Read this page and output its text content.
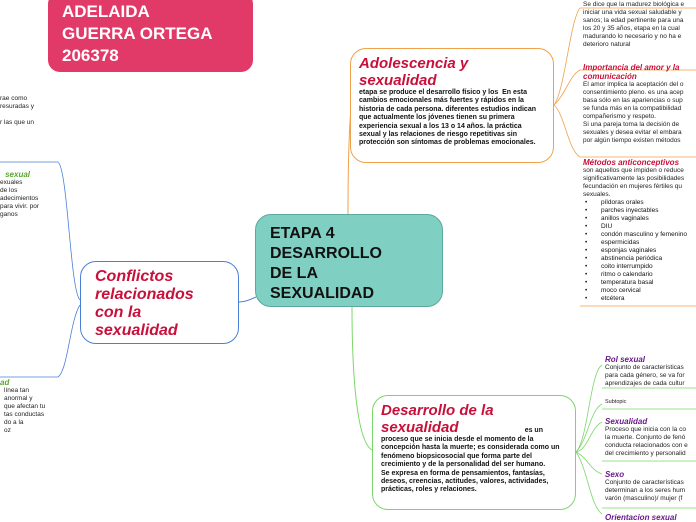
ADELAIDA
GUERRA ORTEGA
206378
ETAPA 4
DESARROLLO
DE LA
SEXUALIDAD
En esta
Adolescencia y sexualidad
etapa se produce el desarrollo físico y los cambios emocionales más fuertes y rápidos en la historia de cada persona. diferentes estudios indican que actualmente los jóvenes tienen su primera experiencia sexual a los 13 o 14 años. la práctica sexual y las relaciones de riesgo repetitivas sin protección son síntomas de problemas emocionales.
es un
Desarrollo de la sexualidad
proceso que se inicia desde el momento de la concepción hasta la muerte; es considerada como un fenómeno biopsicosocial que forma parte del crecimiento y de la personalidad del ser humano.
Se expresa en forma de pensamientos, fantasías, deseos, creencias, actitudes, valores, actividades, prácticas, roles y relaciones.
Conflictos relacionados con la sexualidad
Se dice que la madurez biológica e
iniciar una vida sexual saludable y
sanos; la edad pertinente para una
los 20 y 35 años, etapa en la cual
madurando lo necesario y no ha e
deterioro natural
Importancia del amor y la
comunicación
El amor implica la aceptación del o
consentimiento pleno. es una acep
basa sólo en las apariencias o sup
se funda más en la compatibilidad
compañerismo y respeto.
Si una pareja toma la decisión de
sexuales y desea evitar el embara
por algún tiempo existen métodos
Métodos anticonceptivos
son aquellos que impiden o reduce
significativamente las posibilidades
fecundación en mujeres fértiles qu
sexuales.
• píldoras orales
• parches inyectables
• anillos vaginales
• DIU
• condón masculino y femenino
• espermicidas
• esponjas vaginales
• abstinencia periódica
• coito interrumpido
• ritmo o calendario
• temperatura basal
• moco cervical
• etcétera
Rol sexual
Conjunto de características
para cada género, se va for
aprendizajes de cada cultur
Subtopic
Sexualidad
Proceso que inicia con la co
la muerte. Conjunto de fenó
conducta relacionados con e
del crecimiento y personalid
Sexo
Conjunto de características
determinan a los seres hum
varón (masculino)/ mujer (f
Orientacion sexual
rae como
resuradas y

r las que un
sexual
exuales
de los
adecimientos
para vivir. por
ganos
ad
línea tan
anormal y
que afectan tu
tas conductas
do a la
oz
